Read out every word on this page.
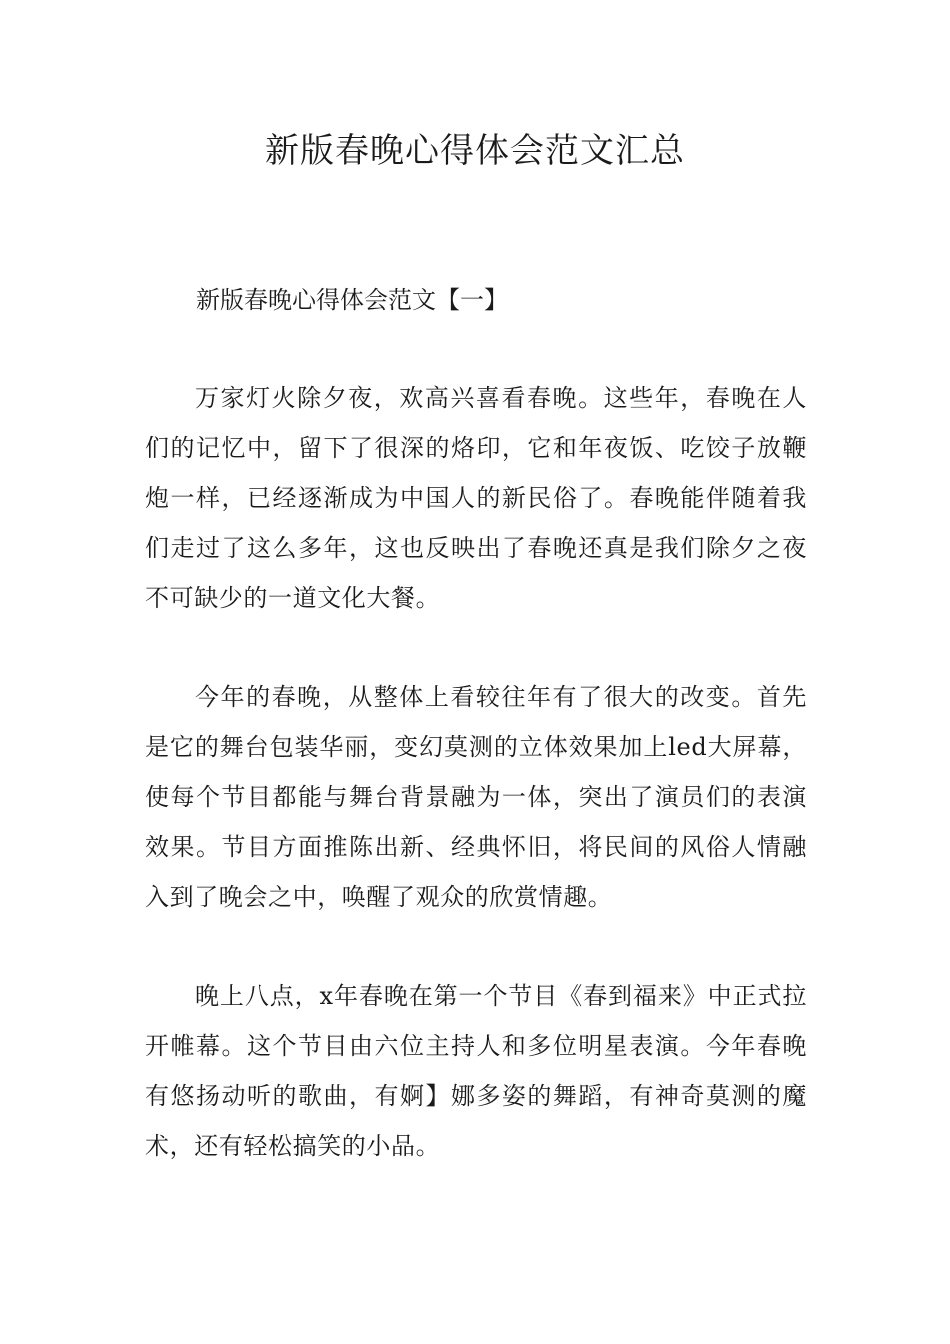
新版春晚心得体会范文汇总
新版春晚心得体会范文【一】

万家灯火除夕夜，欢高兴喜看春晚。这些年，春晚在人们的记忆中，留下了很深的烙印，它和年夜饭、吃饺子放鞭炮一样，已经逐渐成为中国人的新民俗了。春晚能伴随着我们走过了这么多年，这也反映出了春晚还真是我们除夕之夜不可缺少的一道文化大餐。

今年的春晚，从整体上看较往年有了很大的改变。首先是它的舞台包装华丽，变幻莫测的立体效果加上led大屏幕，使每个节目都能与舞台背景融为一体，突出了演员们的表演效果。节目方面推陈出新、经典怀旧，将民间的风俗人情融入到了晚会之中，唤醒了观众的欣赏情趣。

晚上八点，x年春晚在第一个节目《春到福来》中正式拉开帷幕。这个节目由六位主持人和多位明星表演。今年春晚有悠扬动听的歌曲，有婀】娜多姿的舞蹈，有神奇莫测的魔术，还有轻松搞笑的小品。
